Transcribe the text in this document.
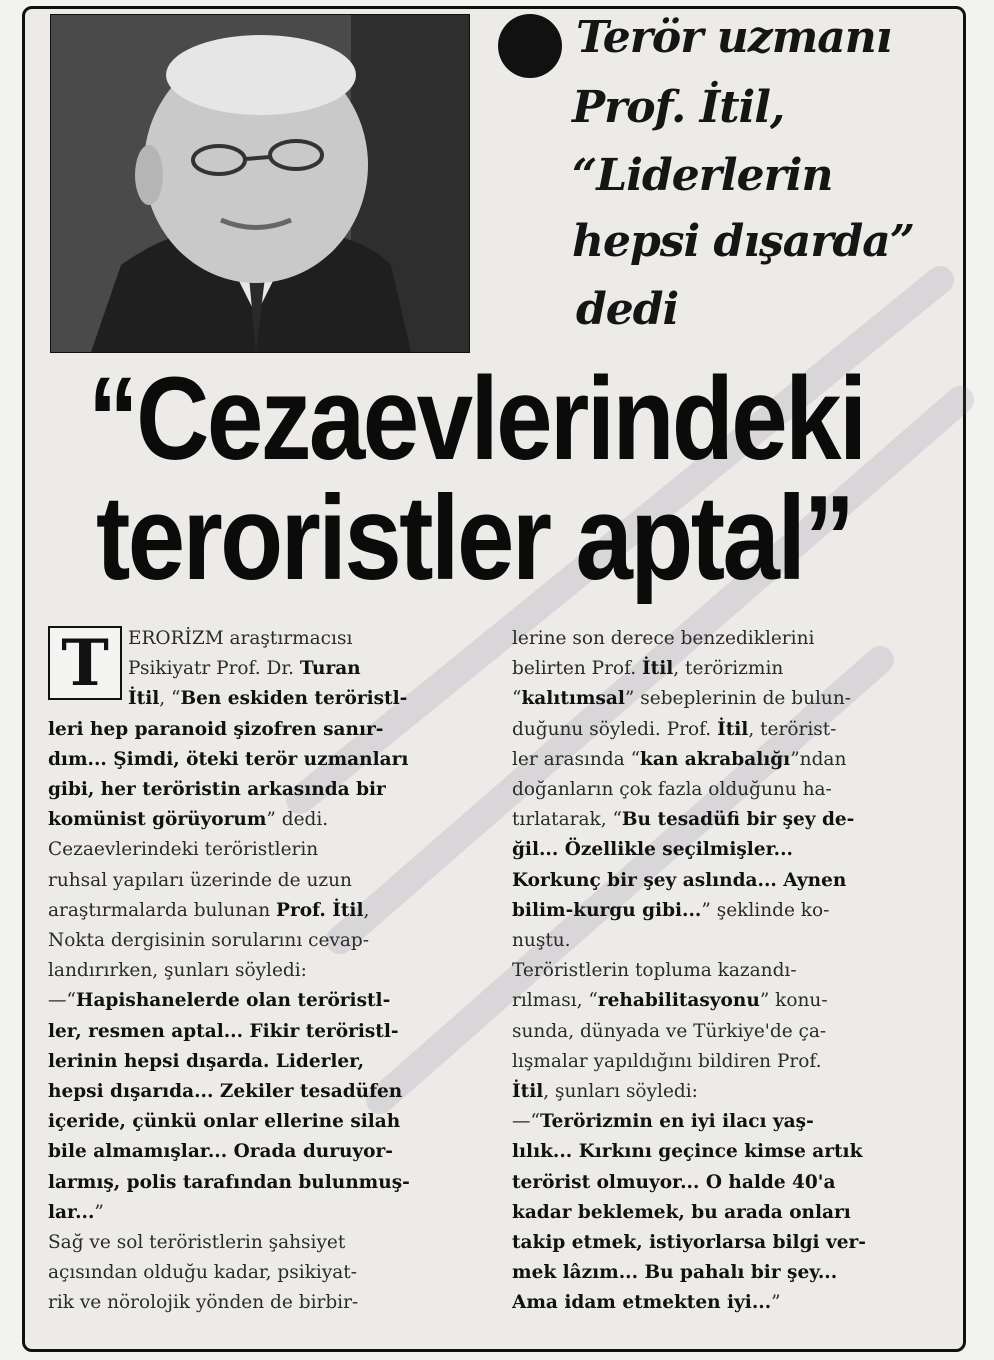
Terör uzmanı
Prof. İtil,
“Liderlerin
hepsi dışarda”
dedi
“Cezaevlerindeki
teroristler aptal”
T	ERORİZM araştırmacısı
Psikiyatr Prof. Dr. Turan
İtil, “Ben eskiden teröristl-
leri hep paranoid şizofren sanır-
dım... Şimdi, öteki terör uzmanları
gibi, her teröristin arkasında bir
komünist görüyorum” dedi.
Cezaevlerindeki teröristlerin
ruhsal yapıları üzerinde de uzun
araştırmalarda bulunan Prof. İtil,
Nokta dergisinin sorularını cevap-
landırırken, şunları söyledi:
—“Hapishanelerde olan teröristl-
ler, resmen aptal... Fikir teröristl-
lerinin hepsi dışarda. Liderler,
hepsi dışarıda... Zekiler tesadüfen
içeride, çünkü onlar ellerine silah
bile almamışlar... Orada duruyor-
larmış, polis tarafından bulunmuş-
lar...”
Sağ ve sol teröristlerin şahsiyet
açısından olduğu kadar, psikiyat-
rik ve nörolojik yönden de birbir-
lerine son derece benzediklerini
belirten Prof. İtil, terörizmin
“kalıtımsal” sebeplerinin de bulun-
duğunu söyledi. Prof. İtil, terörist-
ler arasında “kan akrabalığı”ndan
doğanların çok fazla olduğunu ha-
tırlatarak, “Bu tesadüfi bir şey de-
ğil... Özellikle seçilmişler...
Korkunç bir şey aslında... Aynen
bilim-kurgu gibi...” şeklinde ko-
nuştu.
Teröristlerin topluma kazandı-
rılması, “rehabilitasyonu” konu-
sunda, dünyada ve Türkiye'de ça-
lışmalar yapıldığını bildiren Prof.
İtil, şunları söyledi:
—“Terörizmin en iyi ilacı yaş-
lılık... Kırkını geçince kimse artık
terörist olmuyor... O halde 40'a
kadar beklemek, bu arada onları
takip etmek, istiyorlarsa bilgi ver-
mek lâzım... Bu pahalı bir şey...
Ama idam etmekten iyi...”
